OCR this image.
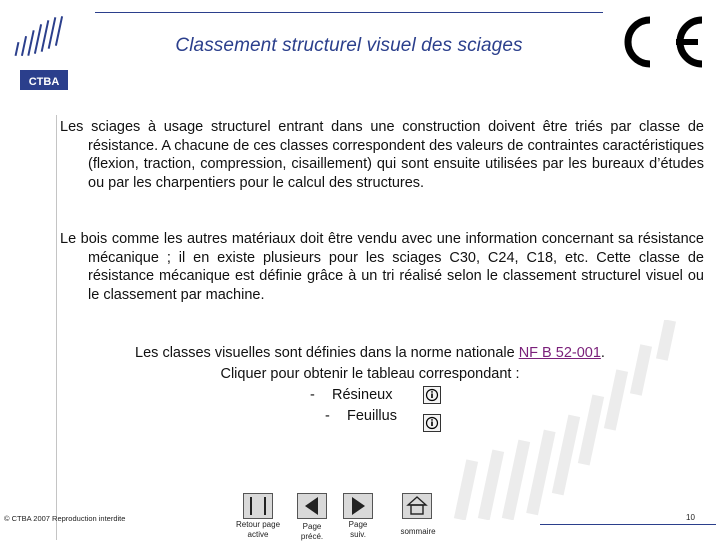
CTBA
Classement structurel visuel des sciages
Les sciages à usage structurel entrant dans une construction doivent être triés par classe de résistance. A chacune de ces classes correspondent des valeurs de contraintes caractéristiques (flexion, traction, compression, cisaillement) qui sont ensuite utilisées par les bureaux d’études ou par les charpentiers pour le calcul des structures.
Le bois comme les autres matériaux doit être vendu avec une information concernant sa résistance mécanique ; il en existe plusieurs pour les sciages C30, C24, C18, etc. Cette classe de résistance mécanique est définie grâce à un tri réalisé selon le classement structurel visuel ou le classement par machine.
Les classes visuelles sont définies dans la norme nationale NF B 52-001.
Cliquer pour obtenir le tableau correspondant :
- Résineux
- Feuillus
© CTBA 2007 Reproduction interdite
Retour page
active
Page
précé.
Page
suiv.	sommaire
10
